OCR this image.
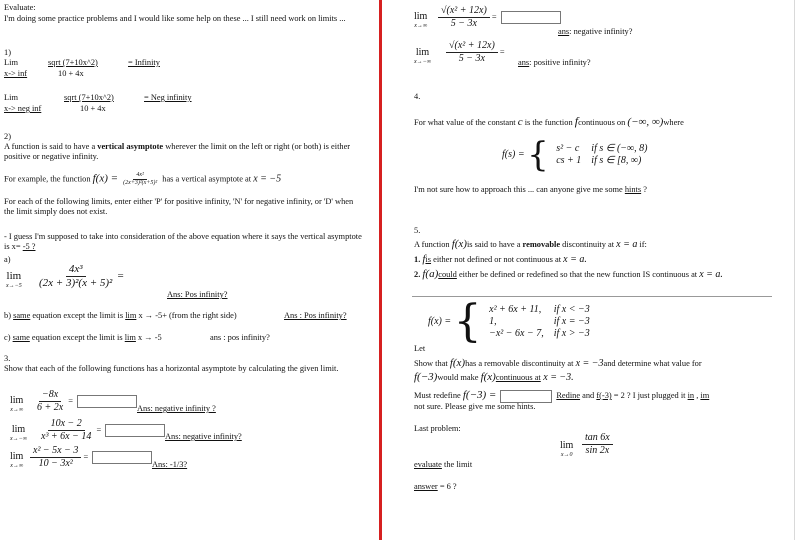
Evaluate:
I'm doing some practice problems and I would like some help on these ... I still need work on limits ...
1)
Lim	sqrt (7+10x^2)	= Infinity
x-> inf	10 + 4x
Lim	sqrt (7+10x^2)	= Neg infinity
x-> neg inf	10 + 4x
2)
A function is said to have a vertical asymptote wherever the limit on the left or right (or both) is either positive or negative infinity.
For example, the function $f(x) = \frac{\text{4x²}}{\text{(2x+3)²(x+5)²}}$ has a vertical asymptote at x = −5
For each of the following limits, enter either 'P' for positive infinity, 'N' for negative infinity, or 'D' when the limit simply does not exist.
- I guess I'm supposed to take into consideration of the above equation where it says the vertical asymptote is x= -5 ?
a)
lim
$x\to-5 \frac{\text{4x³}}{\text{(2x + 3)²(x + 5)²}}$ =
Ans: Pos infinity?
b) same equation except the limit is lim x → -5+ (from the right side)	Ans : Pos infinity?
c) same equation except the limit is lim x → -5	ans : pos infinity?
3.
Show that each of the following functions has a horizontal asymptote by calculating the given limit.
lim
$x\to\infty \frac{-8x}{6 + 2x}$ =
Ans: negative infinity ?
lim
$x\to-\infty \frac{10x - 2}{\text{x³ + 6x − 14}}$ =
Ans: negative infinity?
lim
$x\to\infty \frac{\text{x² − 5x − 3}}{\text{10 − 3x²}}$ =
Ans: -1/3?
lim
$x\to\infty \frac{\text{√(x² + 12x)}}{5 - 3x}$ =
ans: negative infinity?
lim
$x\to-\infty \frac{\text{√(x² + 12x)}}{5 - 3x}$ =
ans: positive infinity?
4.
For what value of the constant c is the function fcontinuous on (−∞, ∞)where
f(s) = { s² − c	if s ∈ (−∞, 8)
cs + 1	if s ∈ [8, ∞)
I'm not sure how to approach this ... can anyone give me some hints ?
5.
A function f(x)is said to have a removable discontinuity at x = a if:
1. fis either not defined or not continuous at x = a.
2. f(a)could either be defined or redefined so that the new function IS continuous at x = a.
f(x) = { x² + 6x + 11,	if x < −3
1,	if x = −3
−x² − 6x − 7,	if x > −3
Let
Show that f(x)has a removable discontinuity at x = −3and determine what value for
f(−3)would make f(x)continuous at x = −3.
Must redefine f(−3) =	Redine and f(-3) = 2 ? I just plugged it in , im
not sure. Please give me some hints.
Last problem:
lim
$x\to 0 \frac{\tan 6x}{\sin 2x}$
evaluate the limit
answer = 6 ?
